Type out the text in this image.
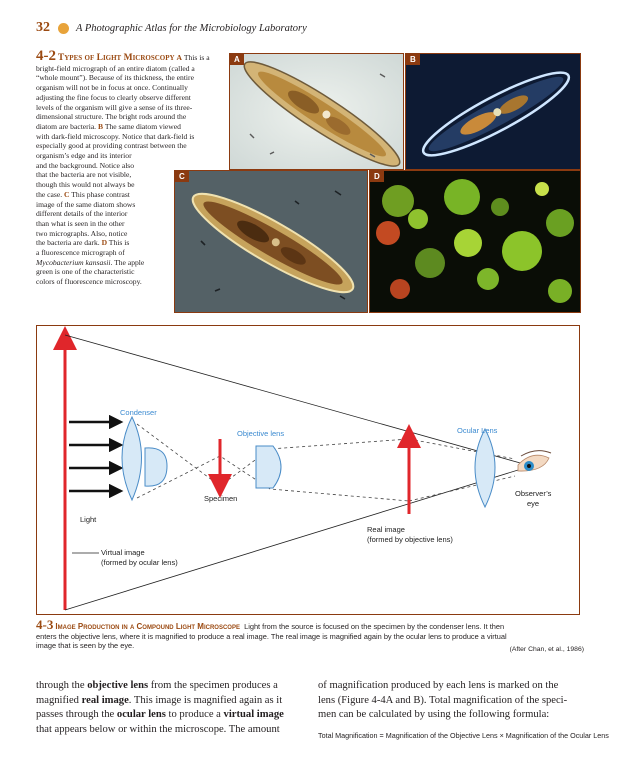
32 A Photographic Atlas for the Microbiology Laboratory
4-2 Types of Light Microscopy A This is a
bright-field micrograph of an entire diatom (called a
“whole mount”). Because of its thickness, the entire
organism will not be in focus at once. Continually
adjusting the fine focus to clearly observe different
levels of the organism will give a sense of its three-
dimensional structure. The bright rods around the
diatom are bacteria. B The same diatom viewed
with dark-field microscopy. Notice that dark-field is
especially good at providing contrast between the
organism’s edge and its interior
and the background. Notice also
that the bacteria are not visible,
though this would not always be
the case. C This phase contrast
image of the same diatom shows
different details of the interior
than what is seen in the other
two micrographs. Also, notice
the bacteria are dark. D This is
a fluorescence micrograph of
Mycobacterium kansasii. The apple
green is one of the characteristic
colors of fluorescence microscopy.
A	B
C	D
Condenser
Objective lens	Ocular Lens
Specimen
Light
Real image
(formed by objective lens)
Virtual image
(formed by ocular lens)
Observer’s
eye
4-3 Image Production in a Compound Light Microscope Light from the source is focused on the specimen by the condenser lens. It then
enters the objective lens, where it is magnified to produce a real image. The real image is magnified again by the ocular lens to produce a virtual
image that is seen by the eye.	(After Chan, et al., 1986)
through the objective lens from the specimen produces a
magnified real image. This image is magnified again as it
passes through the ocular lens to produce a virtual image
that appears below or within the microscope. The amount
of magnification produced by each lens is marked on the
lens (Figure 4-4A and B). Total magnification of the speci-
men can be calculated by using the following formula:
Total Magnification = Magnification of the Objective Lens × Magnification of the Ocular Lens
